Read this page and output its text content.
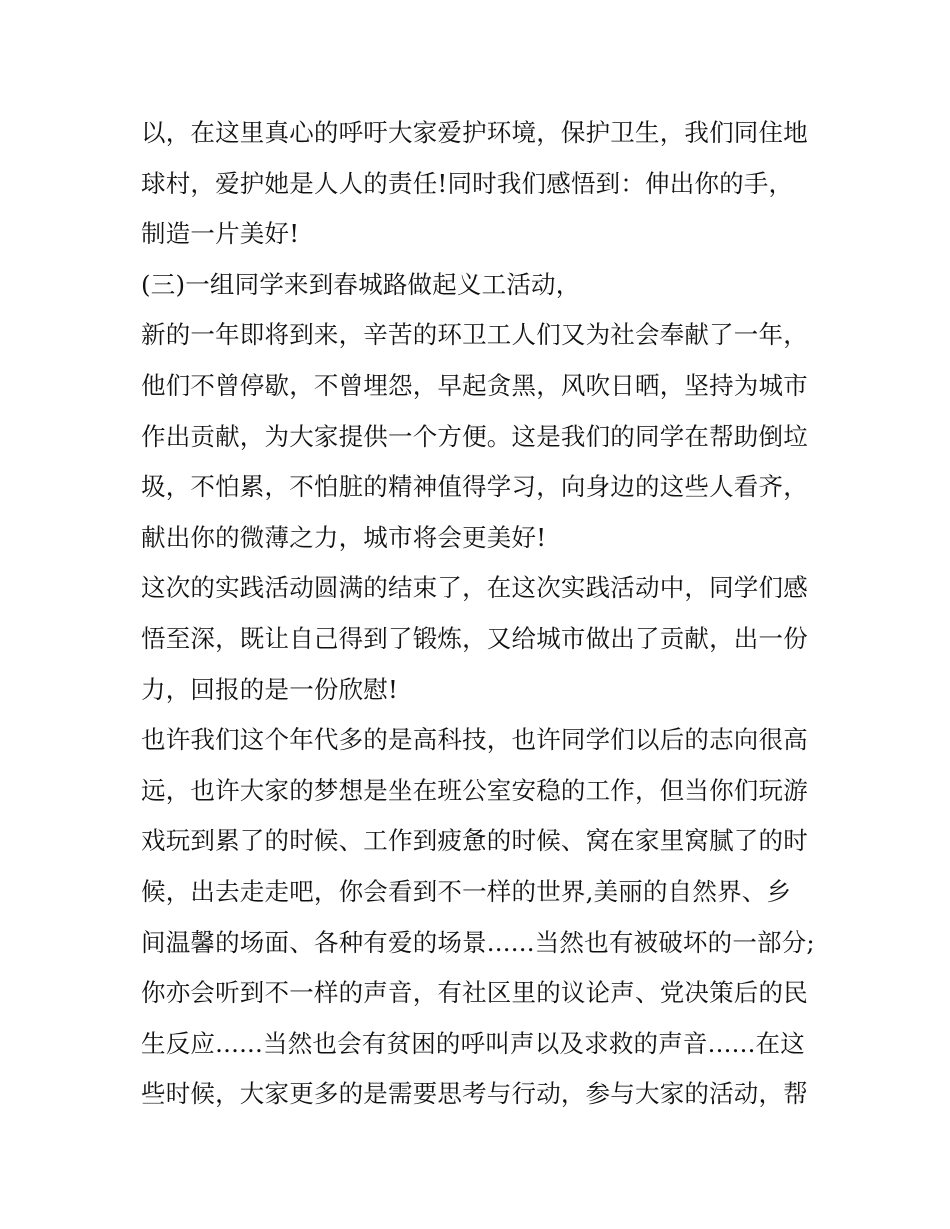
以，在这里真心的呼吁大家爱护环境，保护卫生，我们同住地
球村，爱护她是人人的责任!同时我们感悟到：伸出你的手，
制造一片美好!
(三)一组同学来到春城路做起义工活动，
新的一年即将到来，辛苦的环卫工人们又为社会奉献了一年，
他们不曾停歇，不曾埋怨，早起贪黑，风吹日晒，坚持为城市
作出贡献，为大家提供一个方便。这是我们的同学在帮助倒垃
圾，不怕累，不怕脏的精神值得学习，向身边的这些人看齐，
献出你的微薄之力，城市将会更美好!
这次的实践活动圆满的结束了，在这次实践活动中，同学们感
悟至深，既让自己得到了锻炼，又给城市做出了贡献，出一份
力，回报的是一份欣慰!
也许我们这个年代多的是高科技，也许同学们以后的志向很高
远，也许大家的梦想是坐在班公室安稳的工作，但当你们玩游
戏玩到累了的时候、工作到疲惫的时候、窝在家里窝腻了的时
候，出去走走吧，你会看到不一样的世界,美丽的自然界、乡
间温馨的场面、各种有爱的场景......当然也有被破坏的一部分;
你亦会听到不一样的声音，有社区里的议论声、党决策后的民
生反应......当然也会有贫困的呼叫声以及求救的声音......在这
些时候，大家更多的是需要思考与行动，参与大家的活动，帮
